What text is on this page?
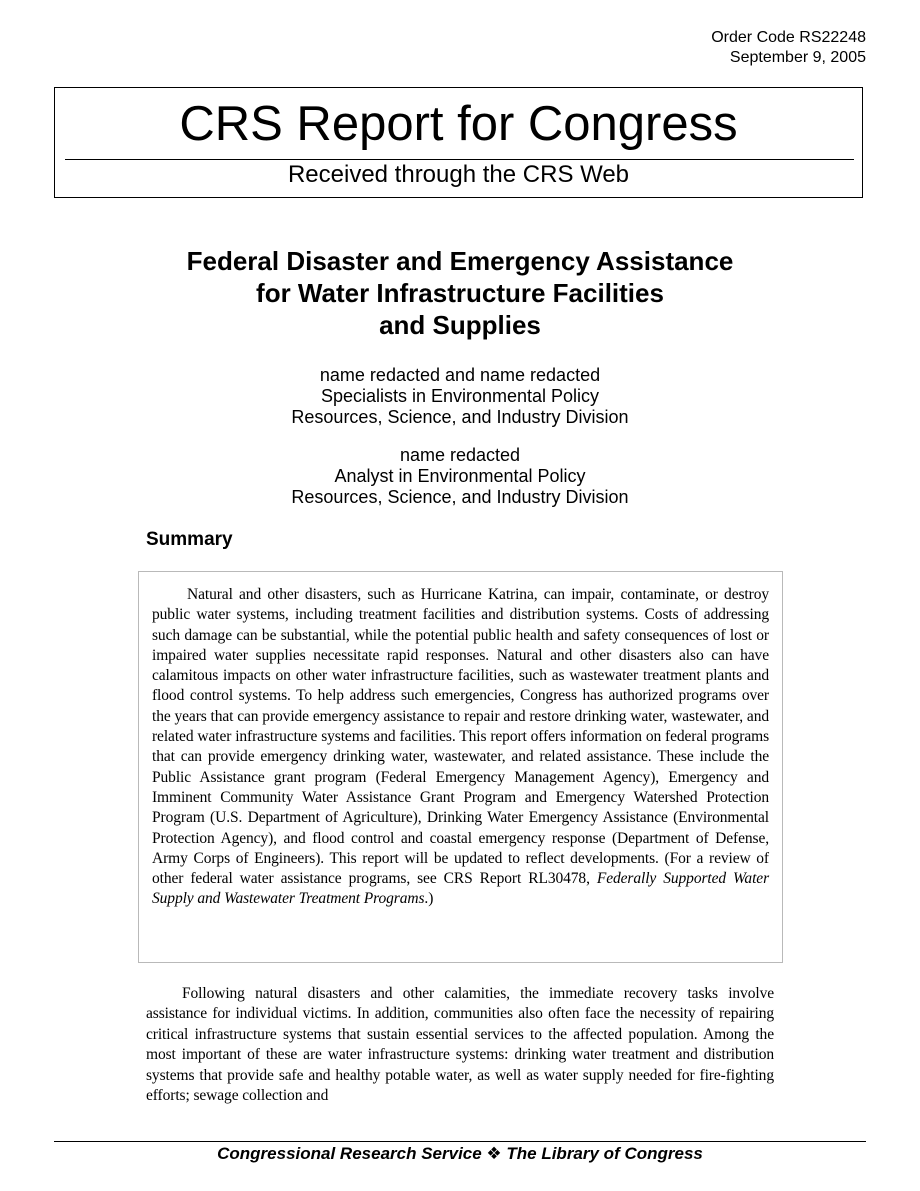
Order Code RS22248
September 9, 2005
CRS Report for Congress
Received through the CRS Web
Federal Disaster and Emergency Assistance
for Water Infrastructure Facilities
and Supplies
name redacted and name redacted
Specialists in Environmental Policy
Resources, Science, and Industry Division
name redacted
Analyst in Environmental Policy
Resources, Science, and Industry Division
Summary

Natural and other disasters, such as Hurricane Katrina, can impair, contaminate, or destroy public water systems, including treatment facilities and distribution systems. Costs of addressing such damage can be substantial, while the potential public health and safety consequences of lost or impaired water supplies necessitate rapid responses. Natural and other disasters also can have calamitous impacts on other water infrastructure facilities, such as wastewater treatment plants and flood control systems. To help address such emergencies, Congress has authorized programs over the years that can provide emergency assistance to repair and restore drinking water, wastewater, and related water infrastructure systems and facilities. This report offers information on federal programs that can provide emergency drinking water, wastewater, and related assistance. These include the Public Assistance grant program (Federal Emergency Management Agency), Emergency and Imminent Community Water Assistance Grant Program and Emergency Watershed Protection Program (U.S. Department of Agriculture), Drinking Water Emergency Assistance (Environmental Protection Agency), and flood control and coastal emergency response (Department of Defense, Army Corps of Engineers). This report will be updated to reflect developments. (For a review of other federal water assistance programs, see CRS Report RL30478, Federally Supported Water Supply and Wastewater Treatment Programs.)

Following natural disasters and other calamities, the immediate recovery tasks involve assistance for individual victims. In addition, communities also often face the necessity of repairing critical infrastructure systems that sustain essential services to the affected population. Among the most important of these are water infrastructure systems: drinking water treatment and distribution systems that provide safe and healthy potable water, as well as water supply needed for fire-fighting efforts; sewage collection and

Congressional Research Service ❖ The Library of Congress
